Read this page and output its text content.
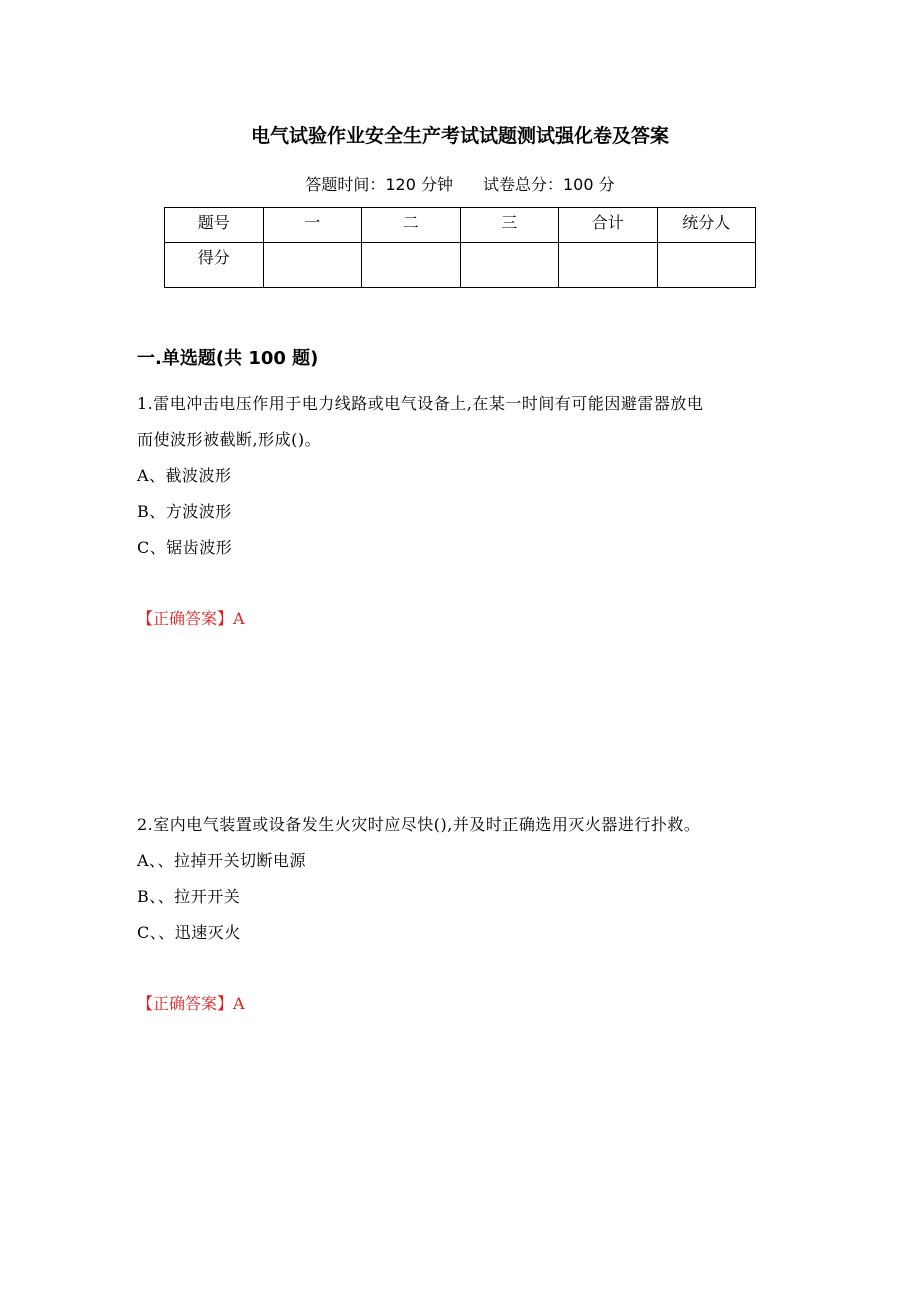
电气试验作业安全生产考试试题测试强化卷及答案
答题时间：120 分钟 试卷总分：100 分
题号	一	二	三	合计	统分人
得分					
一.单选题(共 100 题)
1.雷电冲击电压作用于电力线路或电气设备上,在某一时间有可能因避雷器放电
而使波形被截断,形成()。
A、截波波形
B、方波波形
C、锯齿波形
【正确答案】A
2.室内电气装置或设备发生火灾时应尽快(),并及时正确选用灭火器进行扑救。
A、、拉掉开关切断电源
B、、拉开开关
C、、迅速灭火
【正确答案】A
